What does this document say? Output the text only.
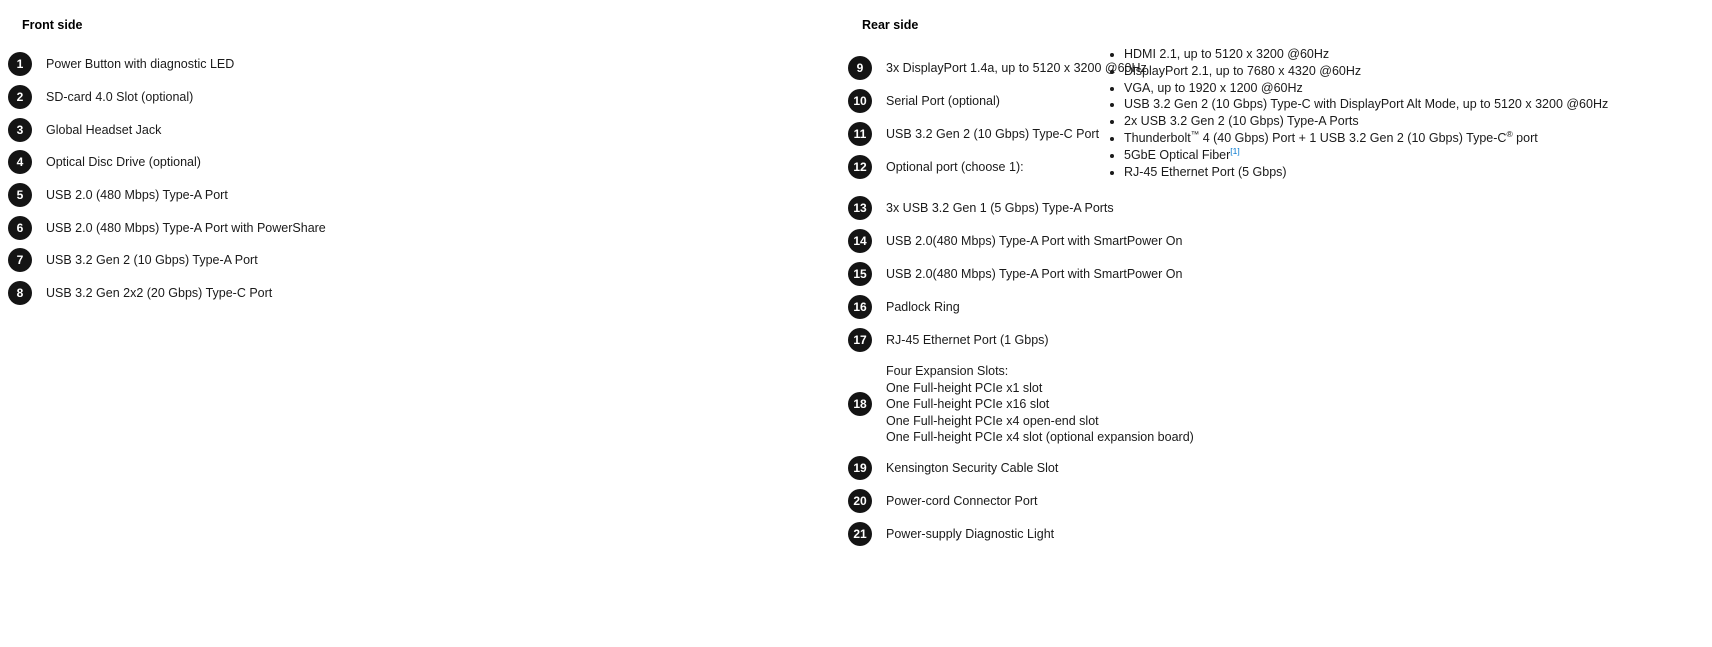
Front side
1	Power Button with diagnostic LED
2	SD-card 4.0 Slot (optional)
3	Global Headset Jack
4	Optical Disc Drive (optional)
5	USB 2.0 (480 Mbps) Type-A Port
6	USB 2.0 (480 Mbps) Type-A Port with PowerShare
7	USB 3.2 Gen 2 (10 Gbps) Type-A Port
8	USB 3.2 Gen 2x2 (20 Gbps) Type-C Port
Rear side
9	3x DisplayPort 1.4a, up to 5120 x 3200 @60Hz
10	Serial Port (optional)
11	USB 3.2 Gen 2 (10 Gbps) Type-C Port
12	Optional port (choose 1):
13	3x USB 3.2 Gen 1 (5 Gbps) Type-A Ports
14	USB 2.0(480 Mbps) Type-A Port with SmartPower On
15	USB 2.0(480 Mbps) Type-A Port with SmartPower On
16	Padlock Ring
17	RJ-45 Ethernet Port (1 Gbps)
18
Four Expansion Slots:
One Full-height PCIe x1 slot
One Full-height PCIe x16 slot
One Full-height PCIe x4 open-end slot
One Full-height PCIe x4 slot (optional expansion board)
19	Kensington Security Cable Slot
20	Power-cord Connector Port
21	Power-supply Diagnostic Light
• HDMI 2.1, up to 5120 x 3200 @60Hz
• DisplayPort 2.1, up to 7680 x 4320 @60Hz
• VGA, up to 1920 x 1200 @60Hz
• USB 3.2 Gen 2 (10 Gbps) Type-C with DisplayPort Alt Mode, up to 5120 x 3200 @60Hz
• 2x USB 3.2 Gen 2 (10 Gbps) Type-A Ports
• Thunderbolt™ 4 (40 Gbps) Port + 1 USB 3.2 Gen 2 (10 Gbps) Type-C® port
• 5GbE Optical Fiber[1]
• RJ-45 Ethernet Port (5 Gbps)
